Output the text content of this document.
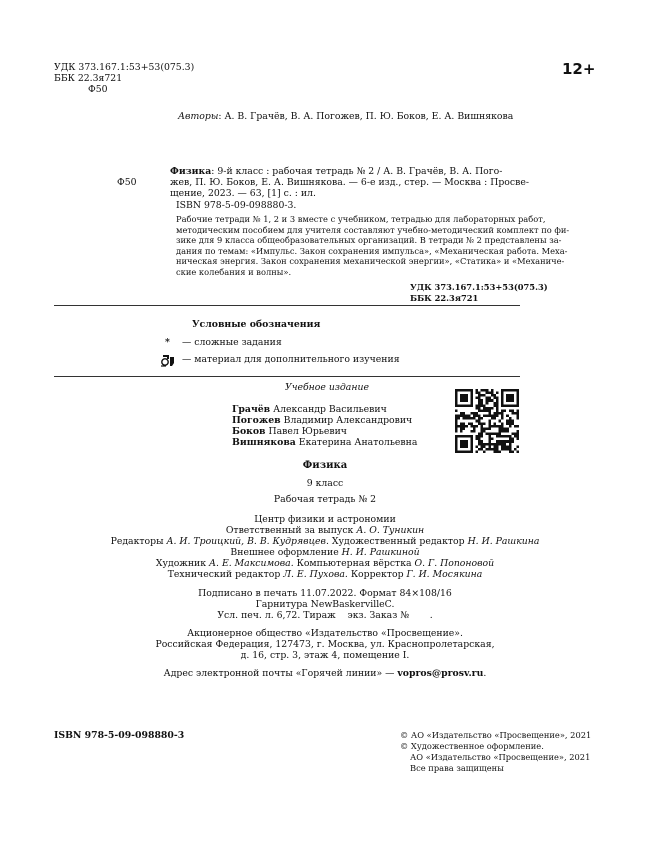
УДК 373.167.1:53+53(075.3)
ББК 22.3я721
Ф50
12+
Авторы: А. В. Грачёв, В. А. Погожев, П. Ю. Боков, Е. А. Вишнякова
Ф50
Физика: 9-й класс : рабочая тетрадь № 2 / А. В. Грачёв, В. А. Пого-
жев, П. Ю. Боков, Е. А. Вишнякова. — 6-е изд., стер. — Москва : Просве-
щение, 2023. — 63, [1] с. : ил.
ISBN 978-5-09-098880-3.
Рабочие тетради № 1, 2 и 3 вместе с учебником, тетрадью для лабораторных работ,
методическим пособием для учителя составляют учебно-методический комплект по фи-
зике для 9 класса общеобразовательных организаций. В тетради № 2 представлены за-
дания по темам: «Импульс. Закон сохранения импульса», «Механическая работа. Меха-
ническая энергия. Закон сохранения механической энергии», «Статика» и «Механиче-
ские колебания и волны».
УДК 373.167.1:53+53(075.3)
ББК 22.3я721
Условные обозначения
* — сложные задания
— материал для дополнительного изучения
Учебное издание
Грачёв Александр Васильевич
Погожев Владимир Александрович
Боков Павел Юрьевич
Вишнякова Екатерина Анатольевна
Физика
9 класс
Рабочая тетрадь № 2
Центр физики и астрономии
Ответственный за выпуск А. О. Туникин
Редакторы А. И. Троицкий, В. В. Кудрявцев. Художественный редактор Н. И. Рашкина
Внешнее оформление Н. И. Рашкиной
Художник А. Е. Максимова. Компьютерная вёрстка О. Г. Попоновой
Технический редактор Л. Е. Пухова. Корректор Г. И. Мосякина
Подписано в печать 11.07.2022. Формат 84×108/16
Гарнитура NewBaskervilleC.
Усл. печ. л. 6,72. Тираж    экз. Заказ №       .
Акционерное общество «Издательство «Просвещение».
Российская Федерация, 127473, г. Москва, ул. Краснопролетарская,
д. 16, стр. 3, этаж 4, помещение I.
Адрес электронной почты «Горячей линии» — vopros@prosv.ru.
ISBN 978-5-09-098880-3	© АО «Издательство «Просвещение», 2021
© Художественное оформление.
АО «Издательство «Просвещение», 2021
Все права защищены
